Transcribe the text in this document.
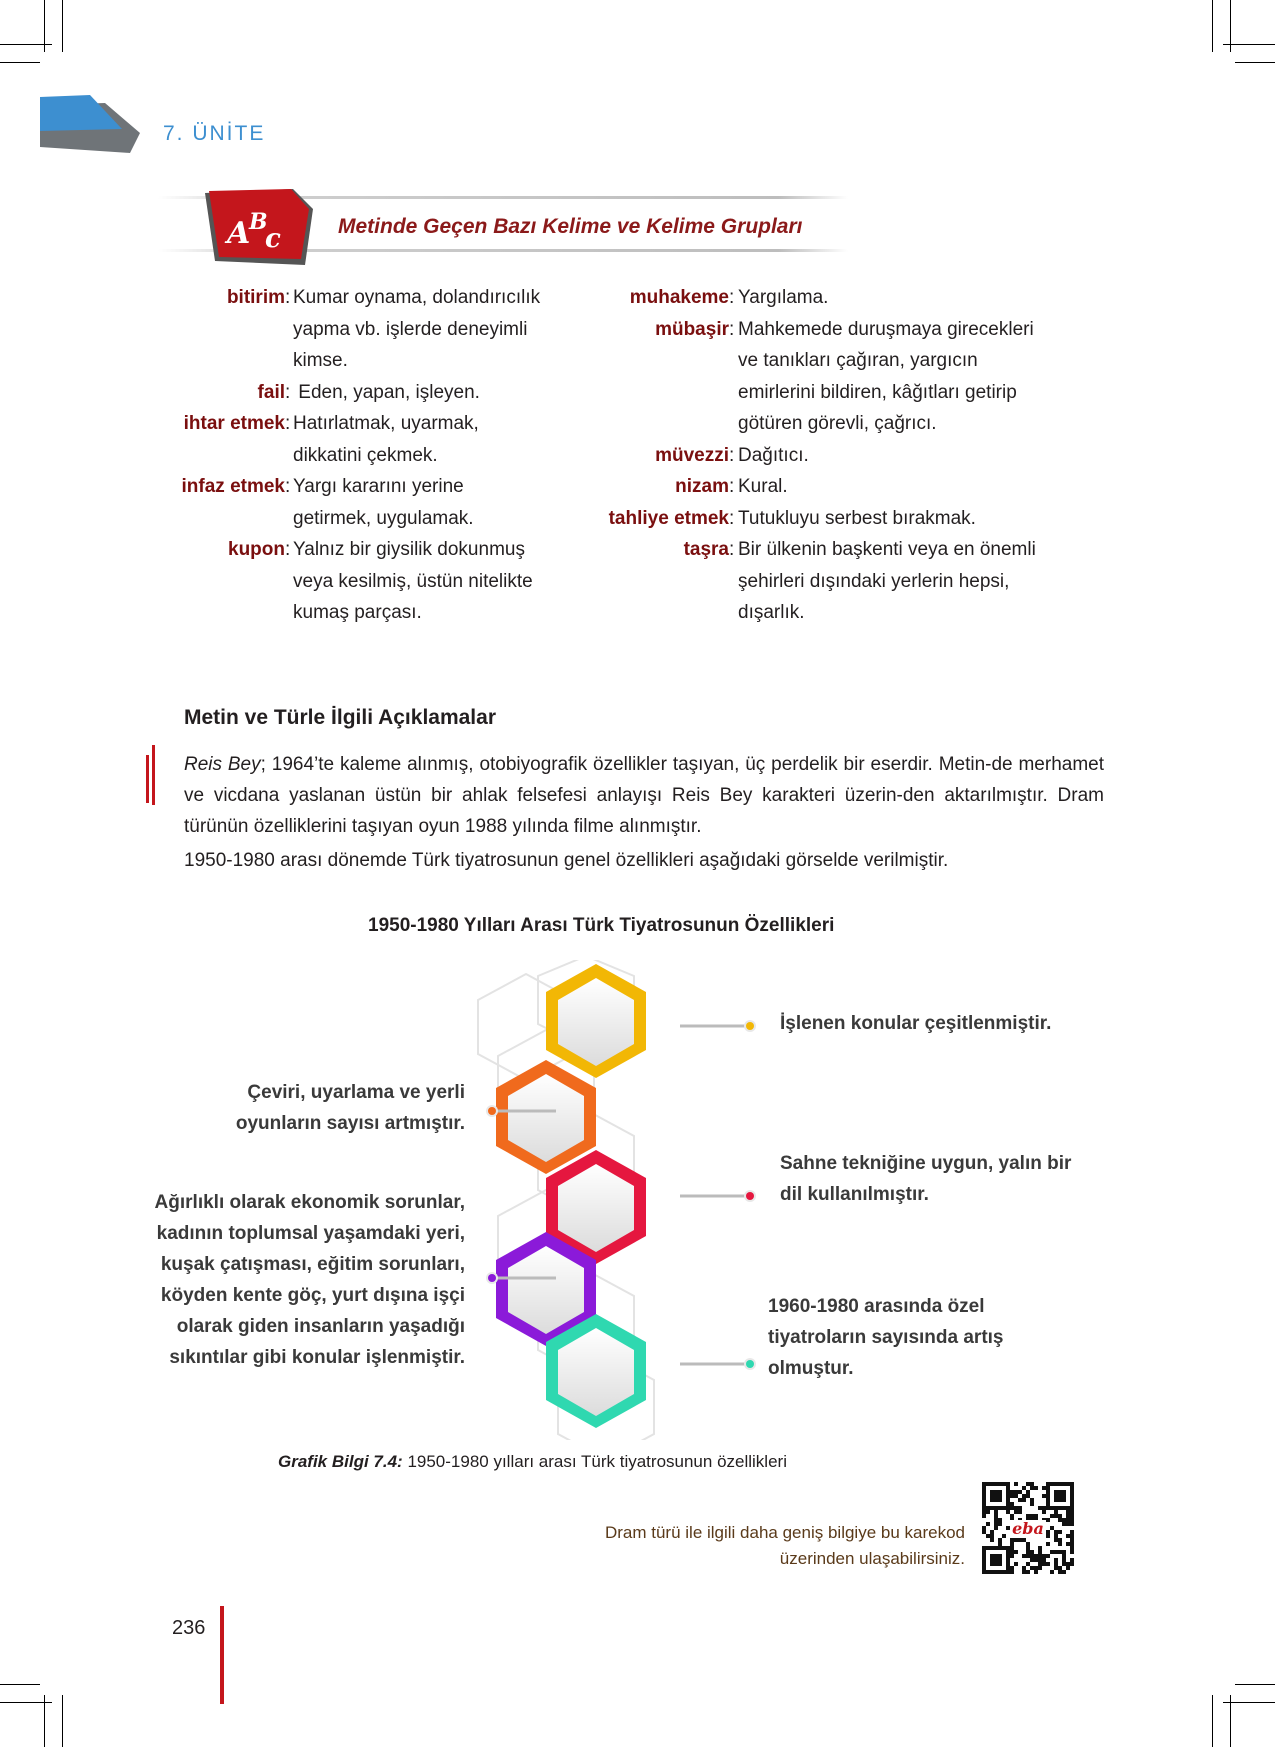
7. ÜNİTE
A
B
c	Metinde Geçen Bazı Kelime ve Kelime Grupları
bitirim : Kumar oynama, dolandırıcılık
yapma vb. işlerde deneyimli
kimse.
fail : Eden, yapan, işleyen.
ihtar etmek : Hatırlatmak, uyarmak,
dikkatini çekmek.
infaz etmek : Yargı kararını yerine
getirmek, uygulamak.
kupon : Yalnız bir giysilik dokunmuş
veya kesilmiş, üstün nitelikte
kumaş parçası.
muhakeme : Yargılama.
mübaşir : Mahkemede duruşmaya girecekleri
ve tanıkları çağıran, yargıcın
emirlerini bildiren, kâğıtları getirip
götüren görevli, çağrıcı.
müvezzi : Dağıtıcı.
nizam : Kural.
tahliye etmek : Tutukluyu serbest bırakmak.
taşra : Bir ülkenin başkenti veya en önemli
şehirleri dışındaki yerlerin hepsi,
dışarlık.
Metin ve Türle İlgili Açıklamalar
Reis Bey; 1964’te kaleme alınmış, otobiyografik özellikler taşıyan, üç perdelik bir eserdir. Metin-de merhamet ve vicdana yaslanan üstün bir ahlak felsefesi anlayışı Reis Bey karakteri üzerin-den aktarılmıştır. Dram türünün özelliklerini taşıyan oyun 1988 yılında filme alınmıştır.
1950-1980 arası dönemde Türk tiyatrosunun genel özellikleri aşağıdaki görselde verilmiştir.
1950-1980 Yılları Arası Türk Tiyatrosunun Özellikleri
İşlenen konular çeşitlenmiştir.
Çeviri, uyarlama ve yerli oyunların sayısı artmıştır.
Sahne tekniğine uygun, yalın bir dil kullanılmıştır.
Ağırlıklı olarak ekonomik sorunlar, kadının toplumsal yaşamdaki yeri, kuşak çatışması, eğitim sorunları, köyden kente göç, yurt dışına işçi olarak giden insanların yaşadığı sıkıntılar gibi konular işlenmiştir.
1960-1980 arasında özel tiyatroların sayısında artış olmuştur.
Grafik Bilgi 7.4: 1950-1980 yılları arası Türk tiyatrosunun özellikleri
Dram türü ile ilgili daha geniş bilgiye bu karekod üzerinden ulaşabilirsiniz.
eba
236
